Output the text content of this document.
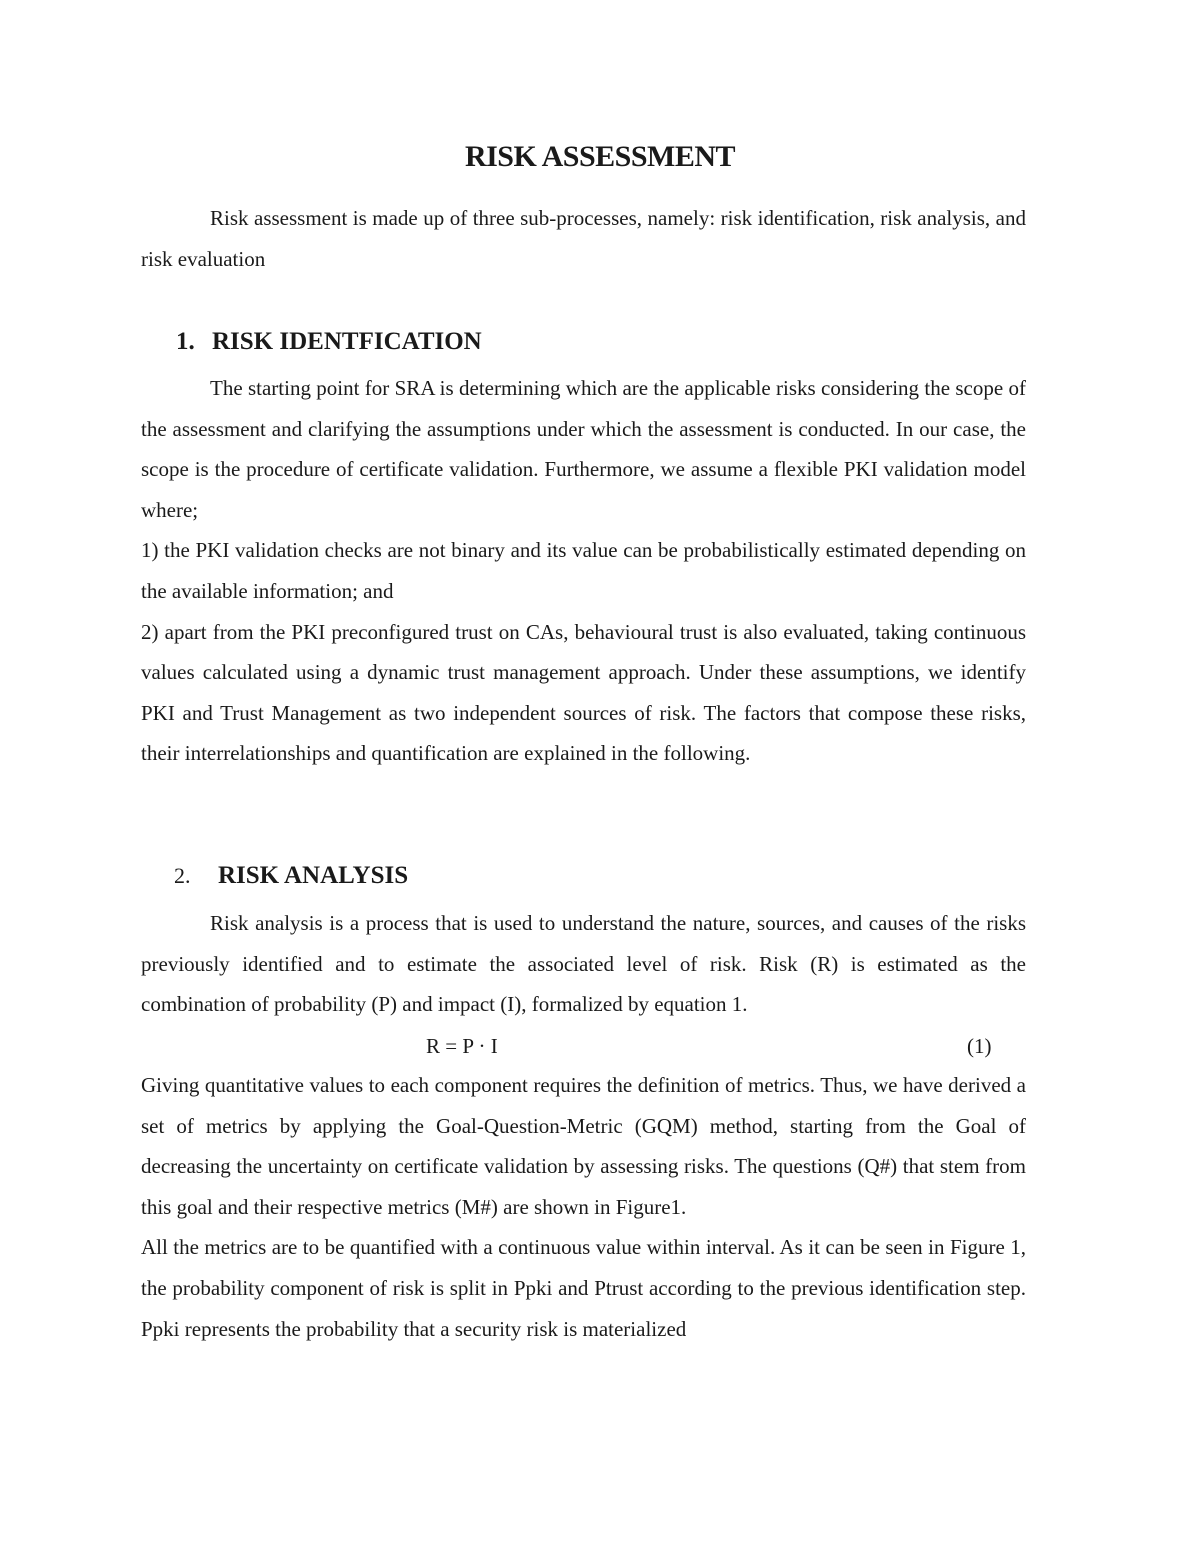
RISK ASSESSMENT

Risk assessment is made up of three sub-processes, namely: risk identification, risk analysis, and risk evaluation

1. RISK IDENTFICATION

The starting point for SRA is determining which are the applicable risks considering the scope of the assessment and clarifying the assumptions under which the assessment is conducted. In our case, the scope is the procedure of certificate validation. Furthermore, we assume a flexible PKI validation model where;

1) the PKI validation checks are not binary and its value can be probabilistically estimated depending on the available information; and

2) apart from the PKI preconfigured trust on CAs, behavioural trust is also evaluated, taking continuous values calculated using a dynamic trust management approach. Under these assumptions, we identify PKI and Trust Management as two independent sources of risk. The factors that compose these risks, their interrelationships and quantification are explained in the following.

2. RISK ANALYSIS

Risk analysis is a process that is used to understand the nature, sources, and causes of the risks previously identified and to estimate the associated level of risk. Risk (R) is estimated as the combination of probability (P) and impact (I), formalized by equation 1.

R = P · I	(1)

Giving quantitative values to each component requires the definition of metrics. Thus, we have derived a set of metrics by applying the Goal-Question-Metric (GQM) method, starting from the Goal of decreasing the uncertainty on certificate validation by assessing risks. The questions (Q#) that stem from this goal and their respective metrics (M#) are shown in Figure1.

All the metrics are to be quantified with a continuous value within interval. As it can be seen in Figure 1, the probability component of risk is split in Ppki and Ptrust according to the previous identification step. Ppki represents the probability that a security risk is materialized
